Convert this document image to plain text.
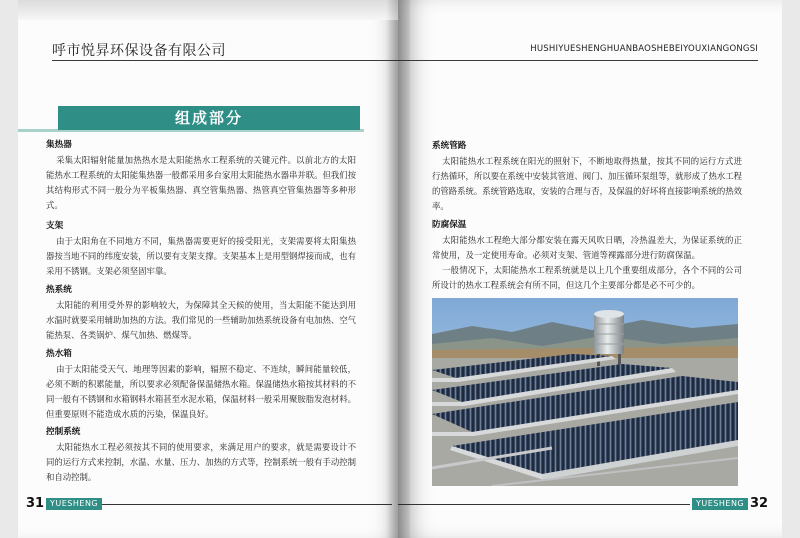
呼市悦昇环保设备有限公司
组成部分
集热器

采集太阳辐射能量加热热水是太阳能热水工程系统的关键元件。以前北方的太阳能热水工程系统的太阳能集热器一般都采用多台家用太阳能热水器串并联。但我们按其结构形式不同一般分为平板集热器、真空管集热器、热管真空管集热器等多种形式。

支架

由于太阳角在不同地方不同，集热器需要更好的接受阳光，支架需要将太阳集热器按当地不同的纬度安装，所以要有支架支撑。支架基本上是用型钢焊接而成，也有采用不锈钢。支架必须坚固牢靠。

热系统

太阳能的利用受外界的影响较大，为保障其全天候的使用，当太阳能不能达到用水温时就要采用辅助加热的方法。我们常见的一些辅助加热系统设备有电加热、空气能热泵、各类锅炉、煤气加热、燃煤等。

热水箱

由于太阳能受天气、地理等因素的影响，辐照不稳定、不连续，瞬间能量较低，必须不断的积累能量，所以要求必须配备保温储热水箱。保温储热水箱按其材料的不同一般有不锈钢和水箱钢料水箱甚至水泥水箱，保温材料一般采用聚胺脂发泡材料。但重要原则不能造成水质的污染，保温良好。

控制系统

太阳能热水工程必须按其不同的使用要求，来满足用户的要求，就是需要设计不同的运行方式来控制，水温、水量、压力、加热的方式等，控制系统一般有手动控制和自动控制。

31 YUESHENG
HUSHIYUESHENGHUANBAOSHEBEIYOUXIANGONGSI
系统管路

太阳能热水工程系统在阳光的照射下，不断地取得热量，按其不同的运行方式进行热循环，所以要在系统中安装其管道、阀门、加压循环泵组等，就形成了热水工程的管路系统。系统管路选取，安装的合理与否，及保温的好坏将直接影响系统的热效率。

防腐保温

太阳能热水工程绝大部分都安装在露天风吹日晒，冷热温差大，为保证系统的正常使用，及一定使用寿命。必须对支架、管道等裸露部分进行防腐保温。

一般情况下，太阳能热水工程系统就是以上几个重要组成部分，各个不同的公司所设计的热水工程系统会有所不同，但这几个主要部分都是必不可少的。

YUESHENG 32
